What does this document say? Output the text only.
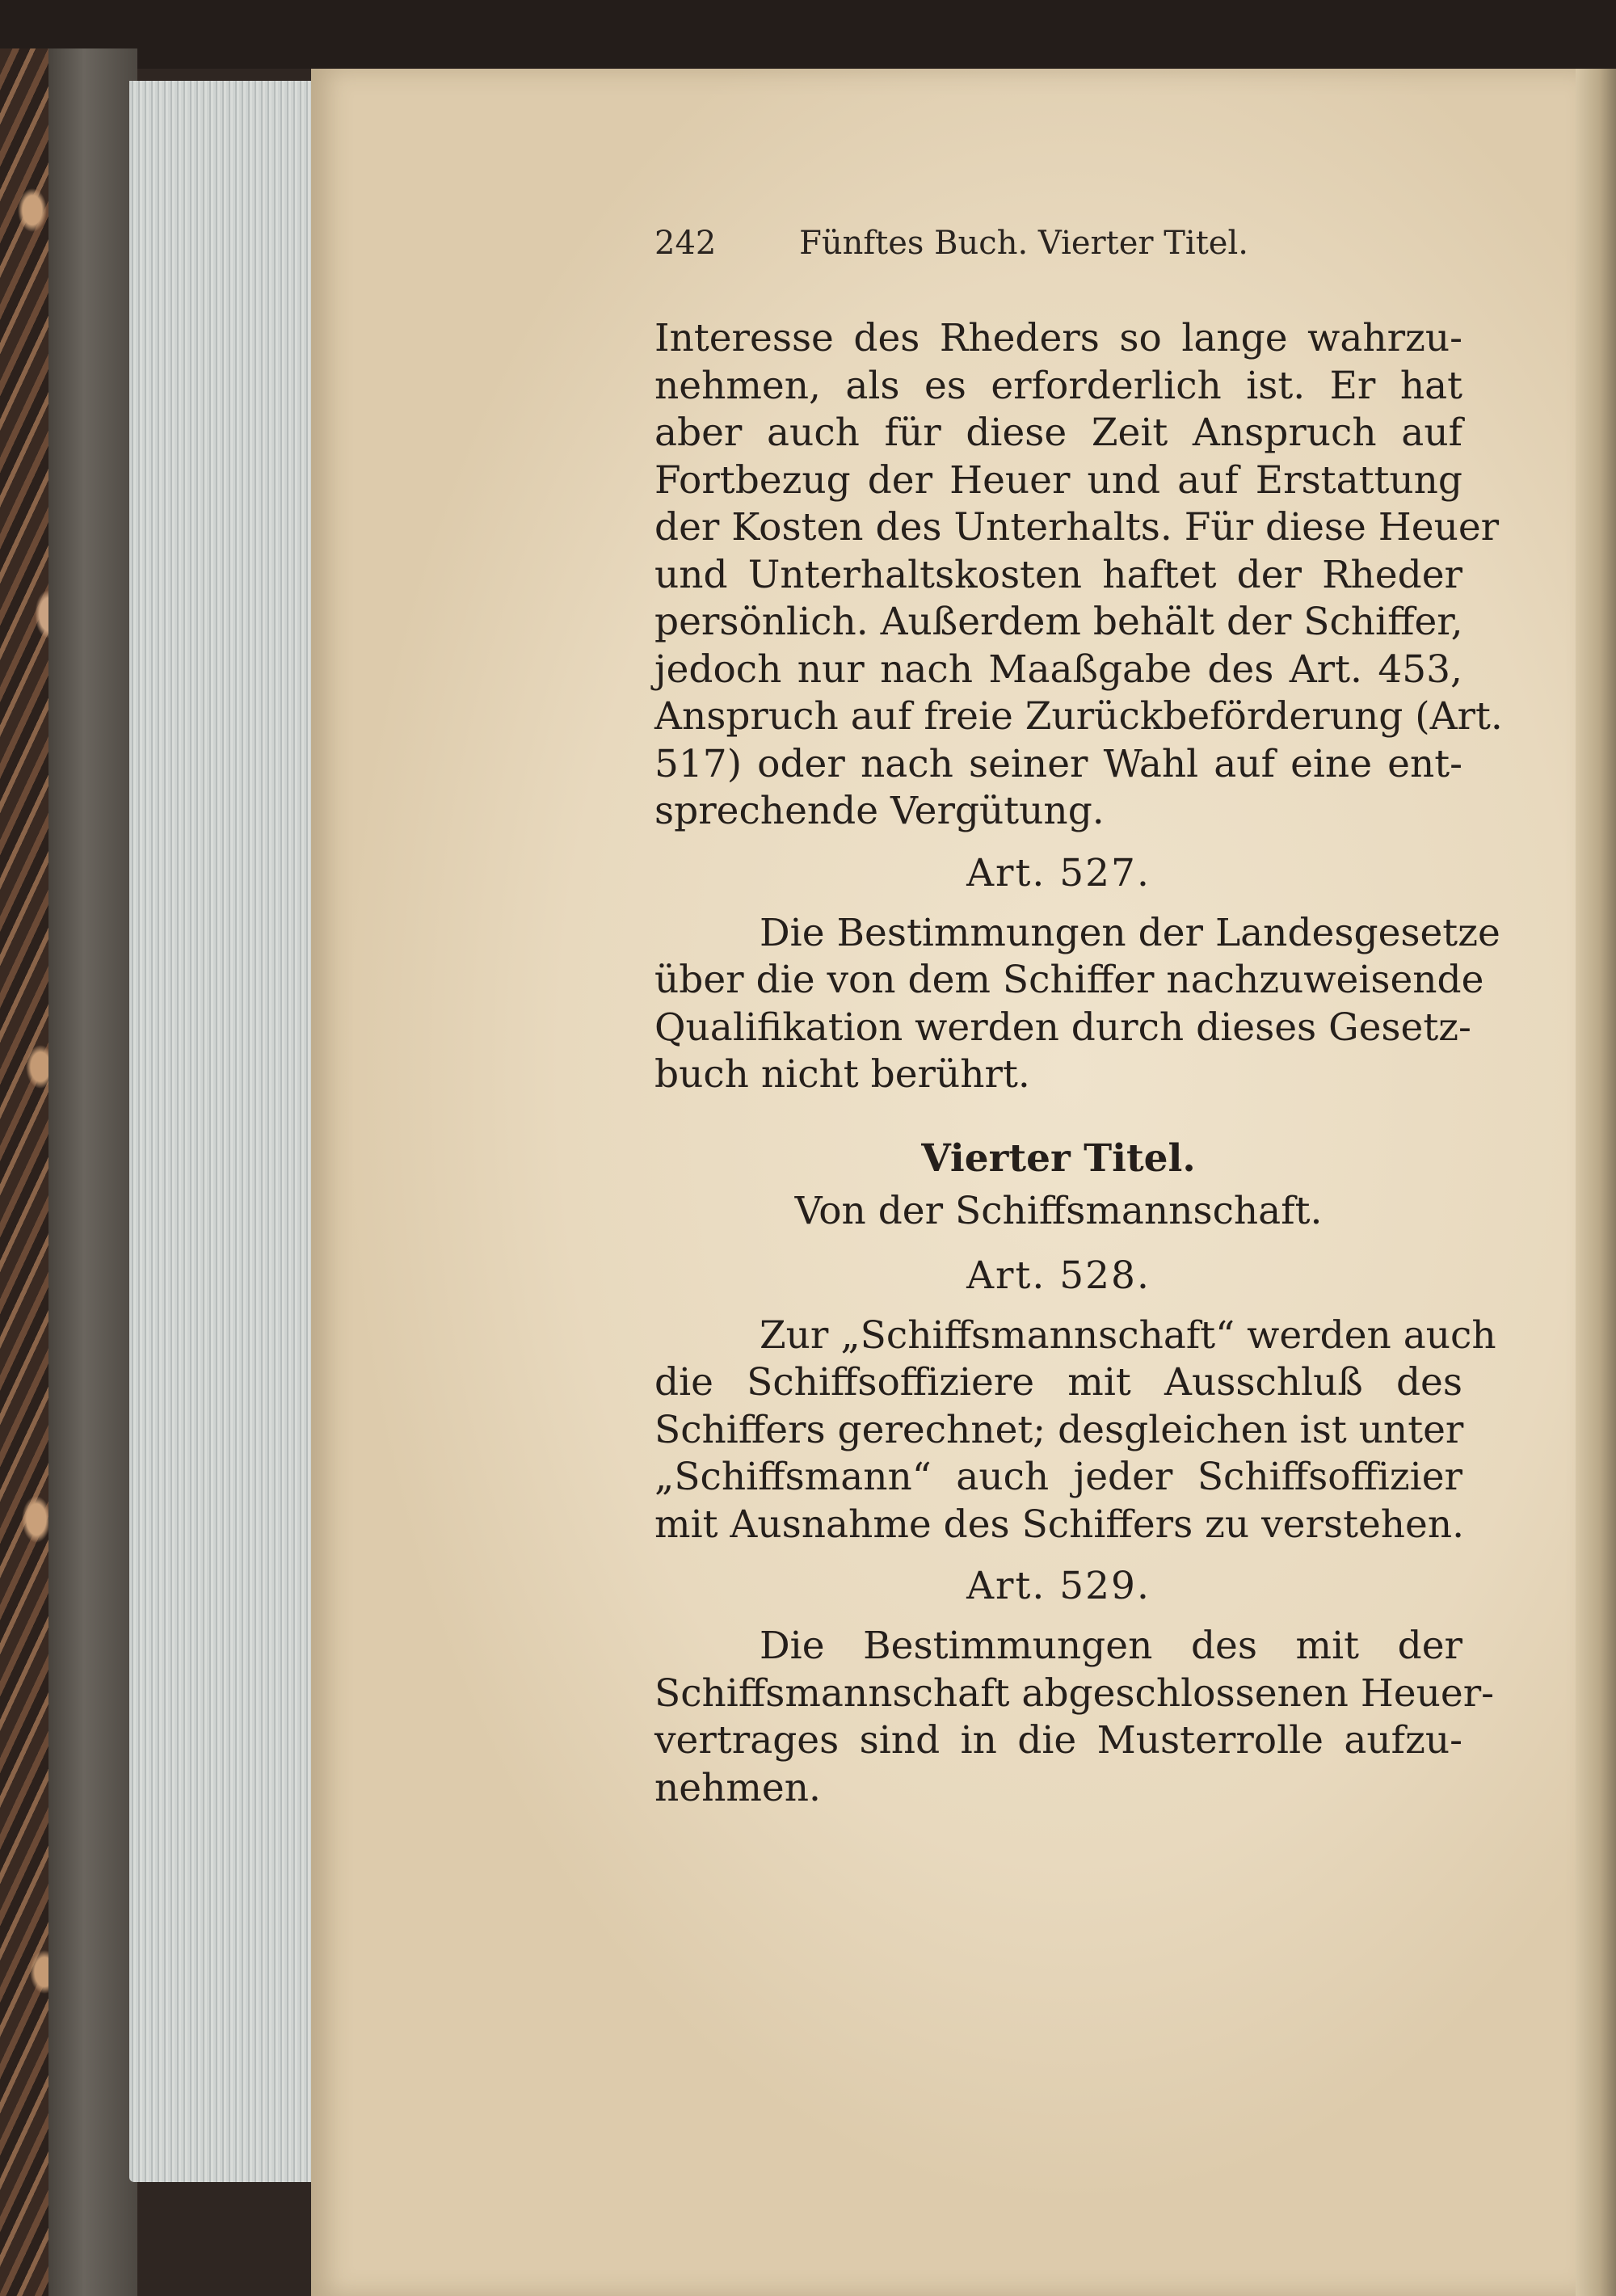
242	Fünftes Buch. Vierter Titel.
Interesse des Rheders so lange wahrzu-
nehmen, als es erforderlich ist. Er hat
aber auch für diese Zeit Anspruch auf
Fortbezug der Heuer und auf Erstattung
der Kosten des Unterhalts. Für diese Heuer
und Unterhaltskosten haftet der Rheder
persönlich. Außerdem behält der Schiffer,
jedoch nur nach Maaßgabe des Art. 453,
Anspruch auf freie Zurückbeförderung (Art.
517) oder nach seiner Wahl auf eine ent-
sprechende Vergütung.
Art. 527.
Die Bestimmungen der Landesgesetze
über die von dem Schiffer nachzuweisende
Qualifikation werden durch dieses Gesetz-
buch nicht berührt.
Vierter Titel.
Von der Schiffsmannschaft.
Art. 528.
Zur „Schiffsmannschaft“ werden auch
die Schiffsoffiziere mit Ausschluß des
Schiffers gerechnet; desgleichen ist unter
„Schiffsmann“ auch jeder Schiffsoffizier
mit Ausnahme des Schiffers zu verstehen.
Art. 529.
Die Bestimmungen des mit der
Schiffsmannschaft abgeschlossenen Heuer-
vertrages sind in die Musterrolle aufzu-
nehmen.
